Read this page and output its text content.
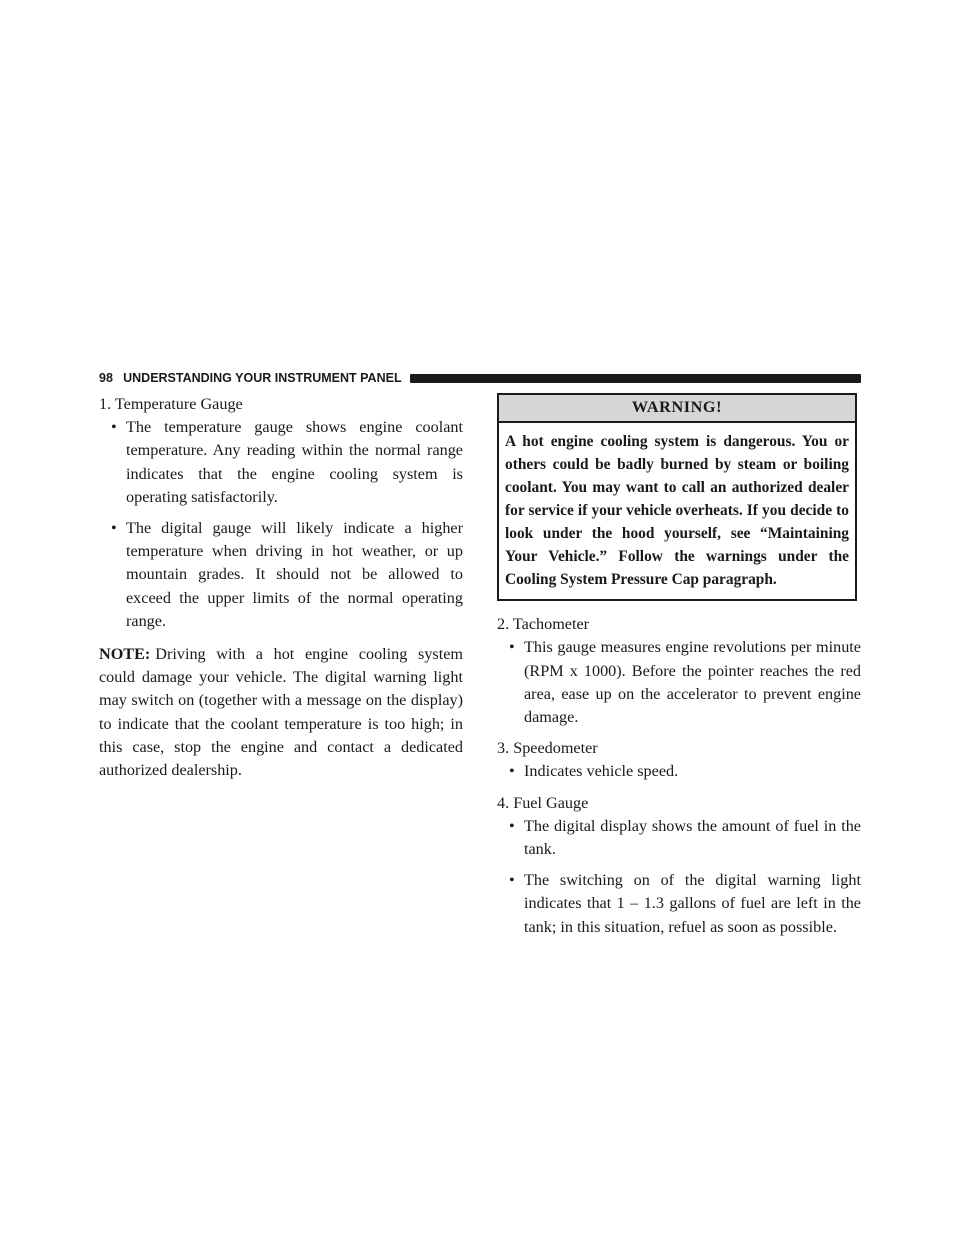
98 UNDERSTANDING YOUR INSTRUMENT PANEL

1. Temperature Gauge

• The temperature gauge shows engine coolant temperature. Any reading within the normal range indicates that the engine cooling system is operating satisfactorily.
• The digital gauge will likely indicate a higher temperature when driving in hot weather, or up mountain grades. It should not be allowed to exceed the upper limits of the normal operating range.

NOTE: Driving with a hot engine cooling system could damage your vehicle. The digital warning light may switch on (together with a message on the display) to indicate that the coolant temperature is too high; in this case, stop the engine and contact a dedicated authorized dealership.

WARNING!
A hot engine cooling system is dangerous. You or others could be badly burned by steam or boiling coolant. You may want to call an authorized dealer for service if your vehicle overheats. If you decide to look under the hood yourself, see “Maintaining Your Vehicle.” Follow the warnings under the Cooling System Pressure Cap paragraph.

2. Tachometer

• This gauge measures engine revolutions per minute (RPM x 1000). Before the pointer reaches the red area, ease up on the accelerator to prevent engine damage.

3. Speedometer

• Indicates vehicle speed.

4. Fuel Gauge

• The digital display shows the amount of fuel in the tank.
• The switching on of the digital warning light indicates that 1 – 1.3 gallons of fuel are left in the tank; in this situation, refuel as soon as possible.
